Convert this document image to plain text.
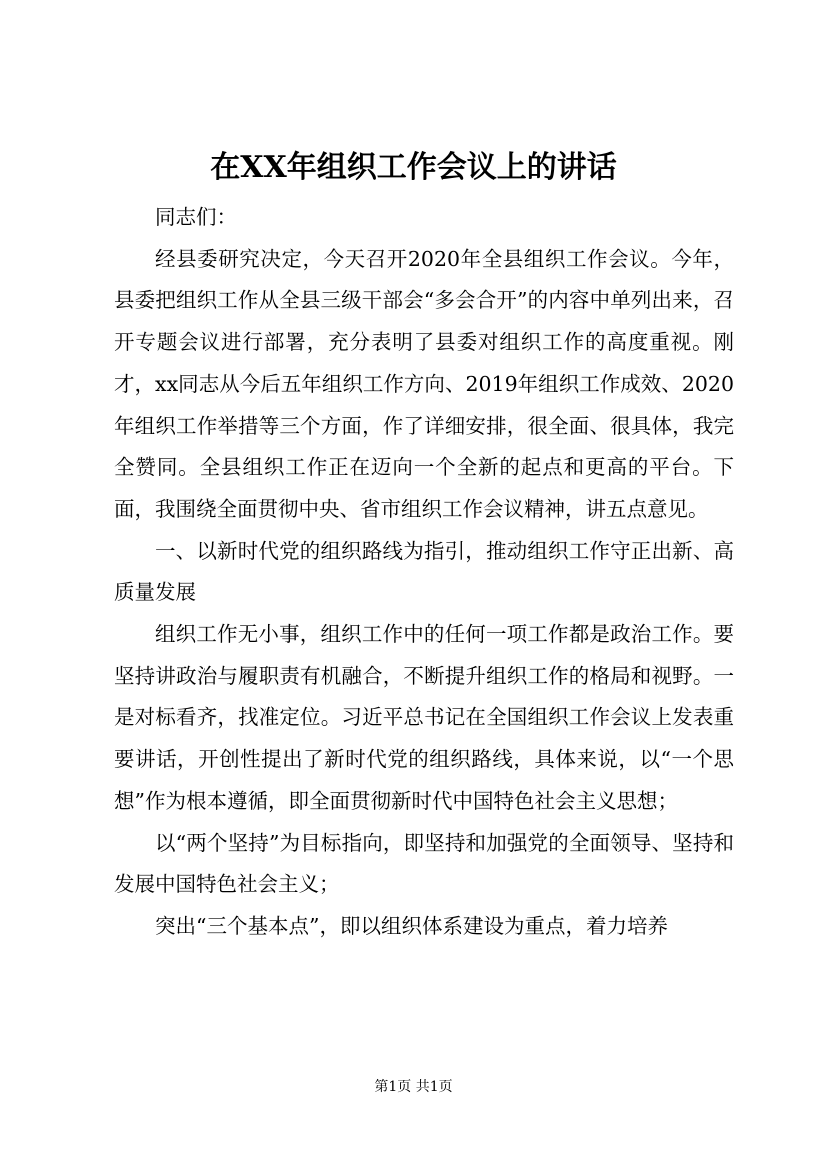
在XX年组织工作会议上的讲话

同志们：

经县委研究决定，今天召开2020年全县组织工作会议。今年，县委把组织工作从全县三级干部会“多会合开”的内容中单列出来，召开专题会议进行部署，充分表明了县委对组织工作的高度重视。刚才，xx同志从今后五年组织工作方向、2019年组织工作成效、2020年组织工作举措等三个方面，作了详细安排，很全面、很具体，我完全赞同。全县组织工作正在迈向一个全新的起点和更高的平台。下面，我围绕全面贯彻中央、省市组织工作会议精神，讲五点意见。

一、以新时代党的组织路线为指引，推动组织工作守正出新、高质量发展

组织工作无小事，组织工作中的任何一项工作都是政治工作。要坚持讲政治与履职责有机融合，不断提升组织工作的格局和视野。一是对标看齐，找准定位。习近平总书记在全国组织工作会议上发表重要讲话，开创性提出了新时代党的组织路线，具体来说，以“一个思想”作为根本遵循，即全面贯彻新时代中国特色社会主义思想；

以“两个坚持”为目标指向，即坚持和加强党的全面领导、坚持和发展中国特色社会主义；

突出“三个基本点”，即以组织体系建设为重点，着力培养

第1页 共1页
